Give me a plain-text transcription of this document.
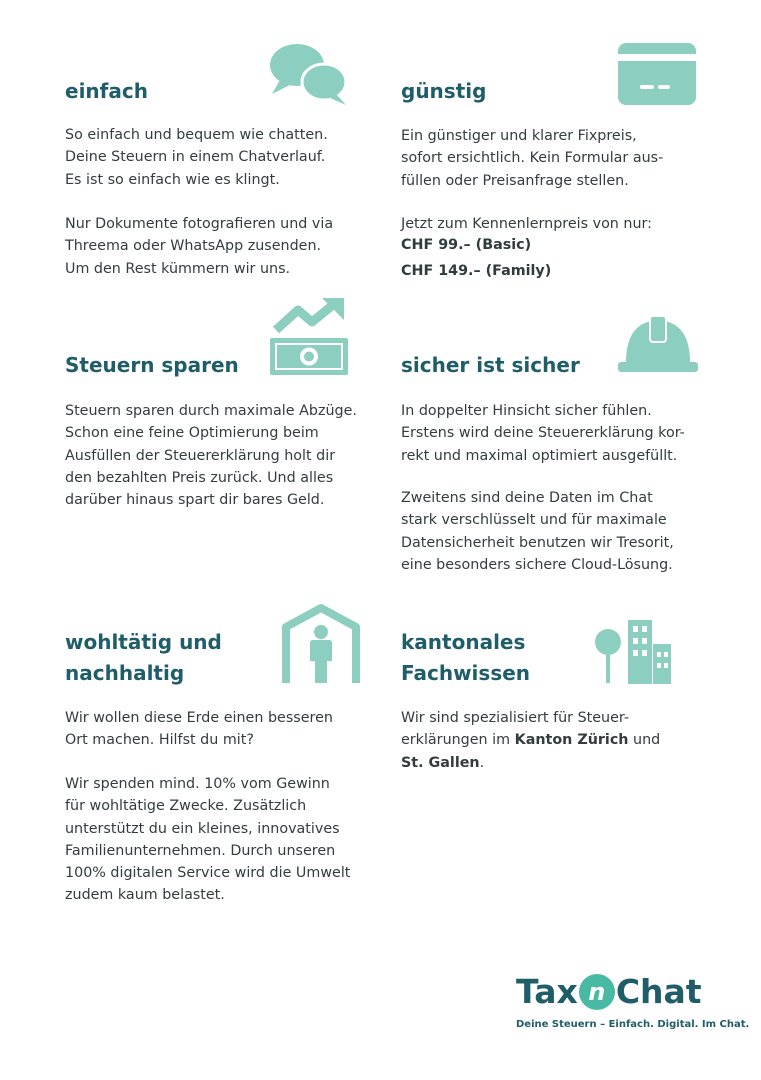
einfach

So einfach und bequem wie chatten.
Deine Steuern in einem Chatverlauf.
Es ist so einfach wie es klingt.

Nur Dokumente fotografieren und via
Threema oder WhatsApp zusenden.
Um den Rest kümmern wir uns.

günstig

Ein günstiger und klarer Fixpreis,
sofort ersichtlich. Kein Formular aus-
füllen oder Preisanfrage stellen.

Jetzt zum Kennenlernpreis von nur:

CHF 99.– (Basic)

CHF 149.– (Family)

Steuern sparen

Steuern sparen durch maximale Abzüge.
Schon eine feine Optimierung beim
Ausfüllen der Steuererklärung holt dir
den bezahlten Preis zurück. Und alles
darüber hinaus spart dir bares Geld.

sicher ist sicher

In doppelter Hinsicht sicher fühlen.
Erstens wird deine Steuererklärung kor-
rekt und maximal optimiert ausgefüllt.

Zweitens sind deine Daten im Chat
stark verschlüsselt und für maximale
Datensicherheit benutzen wir Tresorit,
eine besonders sichere Cloud-Lösung.

wohltätig und
nachhaltig

Wir wollen diese Erde einen besseren
Ort machen. Hilfst du mit?

Wir spenden mind. 10% vom Gewinn
für wohltätige Zwecke. Zusätzlich
unterstützt du ein kleines, innovatives
Familienunternehmen. Durch unseren
100% digitalen Service wird die Umwelt
zudem kaum belastet.

kantonales
Fachwissen

Wir sind spezialisiert für Steuer-
erklärungen im Kanton Zürich und
St. Gallen.

Tax n Chat
Deine Steuern – Einfach. Digital. Im Chat.
